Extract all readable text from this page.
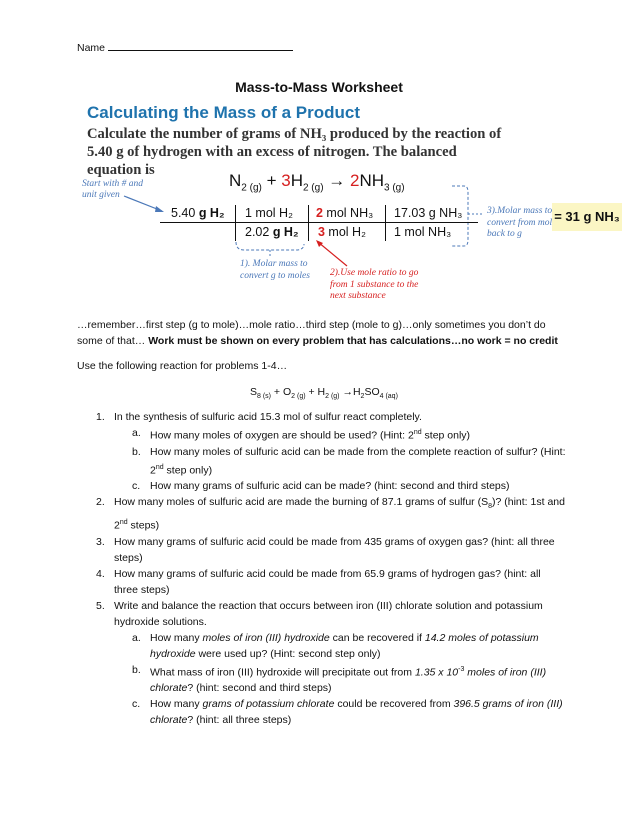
Name
Mass-to-Mass Worksheet
Calculating the Mass of a Product
Calculate the number of grams of NH₃ produced by the reaction of 5.40 g of hydrogen with an excess of nitrogen. The balanced equation is
Start with # and unit given
$N_{2 (g)} + 3H_{2 (g)} \to 2NH_{3 (g)}$
5.40 g H₂ 1 mol H₂
2.02 g H₂
2 mol NH₃
3 mol H₂
17.03 g NH₃
1 mol NH₃
1). Molar mass to convert g to moles 2).Use mole ratio to go from 1 substance to the next substance
3).Molar mass to convert from mol back to g
= 31 g NH₃
…remember…first step (g to mole)…mole ratio…third step (mole to g)…only sometimes you don’t do some of that… Work must be shown on every problem that has calculations…no work = no credit
Use the following reaction for problems 1-4…
$S_{8 (s)} + O_{2 (g)} + H_{2 (g)} \to H_2SO_{4 (aq)}$
1. In the synthesis of sulfuric acid 15.3 mol of sulfur react completely.

a. How many moles of oxygen are should be used? (Hint: 2nd step only)

b. How many moles of sulfuric acid can be made from the complete reaction of sulfur? (Hint: 2nd step only)

c. How many grams of sulfuric acid can be made? (hint: second and third steps)

2. How many moles of sulfuric acid are made the burning of 87.1 grams of sulfur $(S_8)$? (hint: 1st and 2nd steps)

3. How many grams of sulfuric acid could be made from 435 grams of oxygen gas? (hint: all three steps)

4. How many grams of sulfuric acid could be made from 65.9 grams of hydrogen gas? (hint: all three steps)

5. Write and balance the reaction that occurs between iron (III) chlorate solution and potassium hydroxide solutions.

a. How many moles of iron (III) hydroxide can be recovered if 14.2 moles of potassium hydroxide were used up? (Hint: second step only)

b. What mass of iron (III) hydroxide will precipitate out from 1.35 x $10^{-3}$ moles of iron (III) chlorate? (hint: second and third steps)

c. How many grams of potassium chlorate could be recovered from 396.5 grams of iron (III) chlorate? (hint: all three steps)
